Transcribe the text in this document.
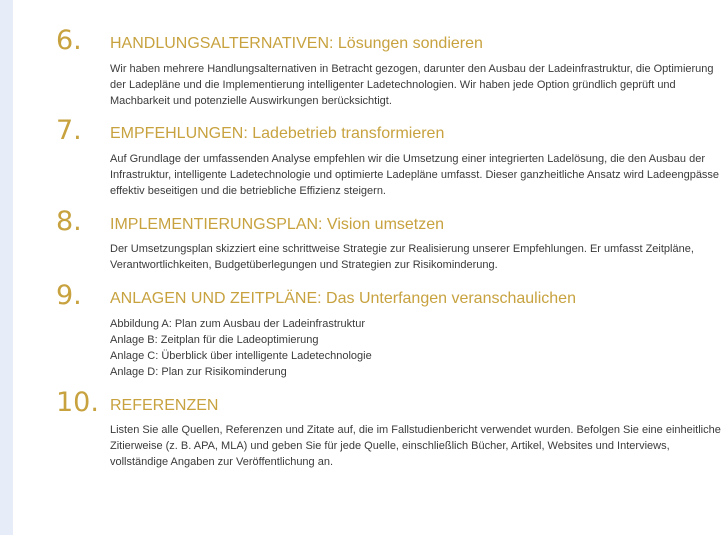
6. HANDLUNGSALTERNATIVEN: Lösungen sondieren

Wir haben mehrere Handlungsalternativen in Betracht gezogen, darunter den Ausbau der Ladeinfrastruktur, die Optimierung der Ladepläne und die Implementierung intelligenter Ladetechnologien. Wir haben jede Option gründlich geprüft und Machbarkeit und potenzielle Auswirkungen berücksichtigt.

7. EMPFEHLUNGEN: Ladebetrieb transformieren

Auf Grundlage der umfassenden Analyse empfehlen wir die Umsetzung einer integrierten Ladelösung, die den Ausbau der Infrastruktur, intelligente Ladetechnologie und optimierte Ladepläne umfasst. Dieser ganzheitliche Ansatz wird Ladeengpässe effektiv beseitigen und die betriebliche Effizienz steigern.

8. IMPLEMENTIERUNGSPLAN: Vision umsetzen

Der Umsetzungsplan skizziert eine schrittweise Strategie zur Realisierung unserer Empfehlungen. Er umfasst Zeitpläne, Verantwortlichkeiten, Budgetüberlegungen und Strategien zur Risikominderung.

9. ANLAGEN UND ZEITPLÄNE: Das Unterfangen veranschaulichen
Abbildung A: Plan zum Ausbau der Ladeinfrastruktur
Anlage B: Zeitplan für die Ladeoptimierung
Anlage C: Überblick über intelligente Ladetechnologie
Anlage D: Plan zur Risikominderung
10. REFERENZEN

Listen Sie alle Quellen, Referenzen und Zitate auf, die im Fallstudienbericht verwendet wurden. Befolgen Sie eine einheitliche Zitierweise (z. B. APA, MLA) und geben Sie für jede Quelle, einschließlich Bücher, Artikel, Websites und Interviews, vollständige Angaben zur Veröffentlichung an.
